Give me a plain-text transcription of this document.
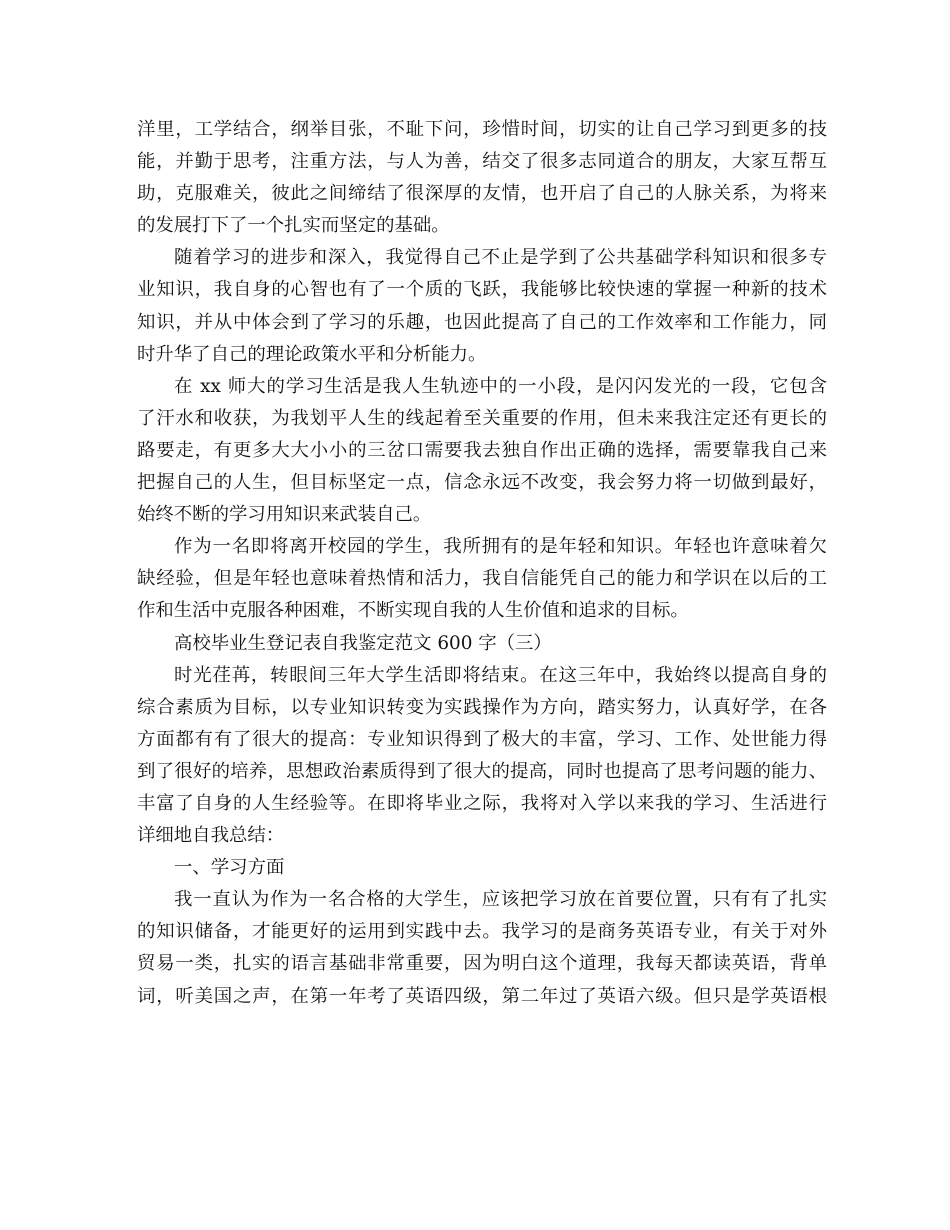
洋里，工学结合，纲举目张，不耻下问，珍惜时间，切实的让自己学习到更多的技
能，并勤于思考，注重方法，与人为善，结交了很多志同道合的朋友，大家互帮互
助，克服难关，彼此之间缔结了很深厚的友情，也开启了自己的人脉关系，为将来
的发展打下了一个扎实而坚定的基础。
随着学习的进步和深入，我觉得自己不止是学到了公共基础学科知识和很多专
业知识，我自身的心智也有了一个质的飞跃，我能够比较快速的掌握一种新的技术
知识，并从中体会到了学习的乐趣，也因此提高了自己的工作效率和工作能力，同
时升华了自己的理论政策水平和分析能力。
在 xx 师大的学习生活是我人生轨迹中的一小段，是闪闪发光的一段，它包含
了汗水和收获，为我划平人生的线起着至关重要的作用，但未来我注定还有更长的
路要走，有更多大大小小的三岔口需要我去独自作出正确的选择，需要靠我自己来
把握自己的人生，但目标坚定一点，信念永远不改变，我会努力将一切做到最好，
始终不断的学习用知识来武装自己。
作为一名即将离开校园的学生，我所拥有的是年轻和知识。年轻也许意味着欠
缺经验，但是年轻也意味着热情和活力，我自信能凭自己的能力和学识在以后的工
作和生活中克服各种困难，不断实现自我的人生价值和追求的目标。
高校毕业生登记表自我鉴定范文 600 字（三）
时光荏苒，转眼间三年大学生活即将结束。在这三年中，我始终以提高自身的
综合素质为目标，以专业知识转变为实践操作为方向，踏实努力，认真好学，在各
方面都有有了很大的提高：专业知识得到了极大的丰富，学习、工作、处世能力得
到了很好的培养，思想政治素质得到了很大的提高，同时也提高了思考问题的能力、
丰富了自身的人生经验等。在即将毕业之际，我将对入学以来我的学习、生活进行
详细地自我总结：
一、学习方面
我一直认为作为一名合格的大学生，应该把学习放在首要位置，只有有了扎实
的知识储备，才能更好的运用到实践中去。我学习的是商务英语专业，有关于对外
贸易一类，扎实的语言基础非常重要，因为明白这个道理，我每天都读英语，背单
词，听美国之声，在第一年考了英语四级，第二年过了英语六级。但只是学英语根
